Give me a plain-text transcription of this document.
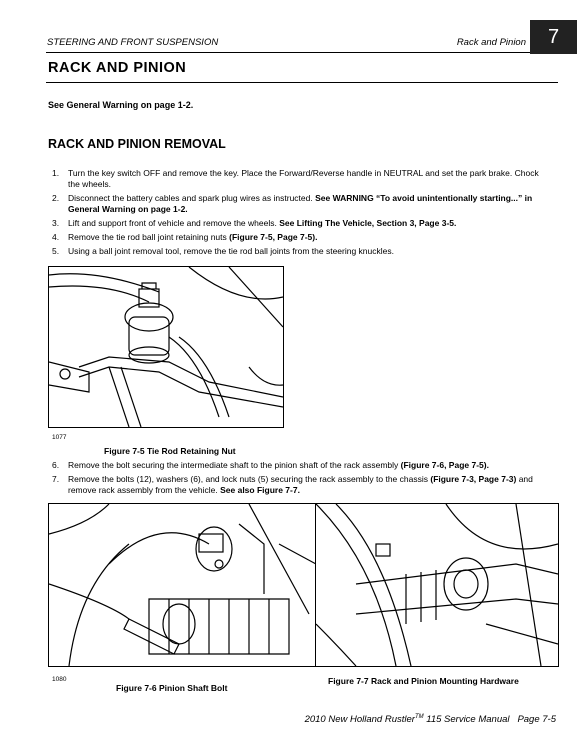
STEERING AND FRONT SUSPENSION	Rack and Pinion	7
RACK AND PINION
See General Warning on page 1-2.
RACK AND PINION REMOVAL
1. Turn the key switch OFF and remove the key. Place the Forward/Reverse handle in NEUTRAL and set the park brake. Chock the wheels.
2. Disconnect the battery cables and spark plug wires as instructed. See WARNING “To avoid unintentionally starting...” in General Warning on page 1-2.
3. Lift and support front of vehicle and remove the wheels. See Lifting The Vehicle, Section 3, Page 3-5.
4. Remove the tie rod ball joint retaining nuts (Figure 7-5, Page 7-5).
5. Using a ball joint removal tool, remove the tie rod ball joints from the steering knuckles.
1077
Figure 7-5 Tie Rod Retaining Nut
6. Remove the bolt securing the intermediate shaft to the pinion shaft of the rack assembly (Figure 7-6, Page 7-5).
7. Remove the bolts (12), washers (6), and lock nuts (5) securing the rack assembly to the chassis (Figure 7-3, Page 7-3) and remove rack assembly from the vehicle. See also Figure 7-7.
1080
Figure 7-6 Pinion Shaft Bolt
Figure 7-7 Rack and Pinion Mounting Hardware
2010 New Holland Rustler™ 115 Service Manual Page 7-5
